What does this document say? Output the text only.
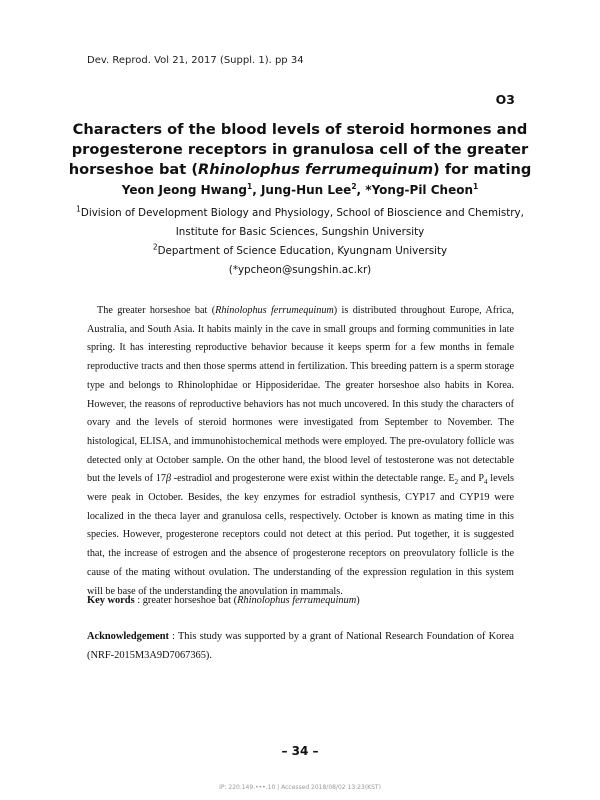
Dev. Reprod. Vol 21, 2017 (Suppl. 1). pp 34
O3
Characters of the blood levels of steroid hormones and progesterone receptors in granulosa cell of the greater horseshoe bat (Rhinolophus ferrumequinum) for mating
Yeon Jeong Hwang$^1$, Jung-Hun Lee$^2$, *Yong-Pil Cheon$^1$
$^1$Division of Development Biology and Physiology, School of Bioscience and Chemistry,
Institute for Basic Sciences, Sungshin University
$^2$Department of Science Education, Kyungnam University
(*ypcheon@sungshin.ac.kr)

The greater horseshoe bat (Rhinolophus ferrumequinum) is distributed throughout Europe, Africa, Australia, and South Asia. It habits mainly in the cave in small groups and forming communities in late spring. It has interesting reproductive behavior because it keeps sperm for a few months in female reproductive tracts and then those sperms attend in fertilization. This breeding pattern is a sperm storage type and belongs to Rhinolophidae or Hipposideridae. The greater horseshoe also habits in Korea. However, the reasons of reproductive behaviors has not much uncovered. In this study the characters of ovary and the levels of steroid hormones were investigated from September to November. The histological, ELISA, and immunohistochemical methods were employed. The pre-ovulatory follicle was detected only at October sample. On the other hand, the blood level of testosterone was not detectable but the levels of 17β -estradiol and progesterone were exist within the detectable range. $E_2$ and $P_4$ levels were peak in October. Besides, the key enzymes for estradiol synthesis, CYP17 and CYP19 were localized in the theca layer and granulosa cells, respectively. October is known as mating time in this species. However, progesterone receptors could not detect at this period. Put together, it is suggested that, the increase of estrogen and the absence of progesterone receptors on preovulatory follicle is the cause of the mating without ovulation. The understanding of the expression regulation in this system will be base of the understanding the anovulation in mammals.

Key words : greater horseshoe bat (Rhinolophus ferrumequinum)
Acknowledgement : This study was supported by a grant of National Research Foundation of Korea (NRF-2015M3A9D7067365).
– 34 –
IP: 220.149.•••.10 | Accessed 2018/08/02 13:23(KST)
